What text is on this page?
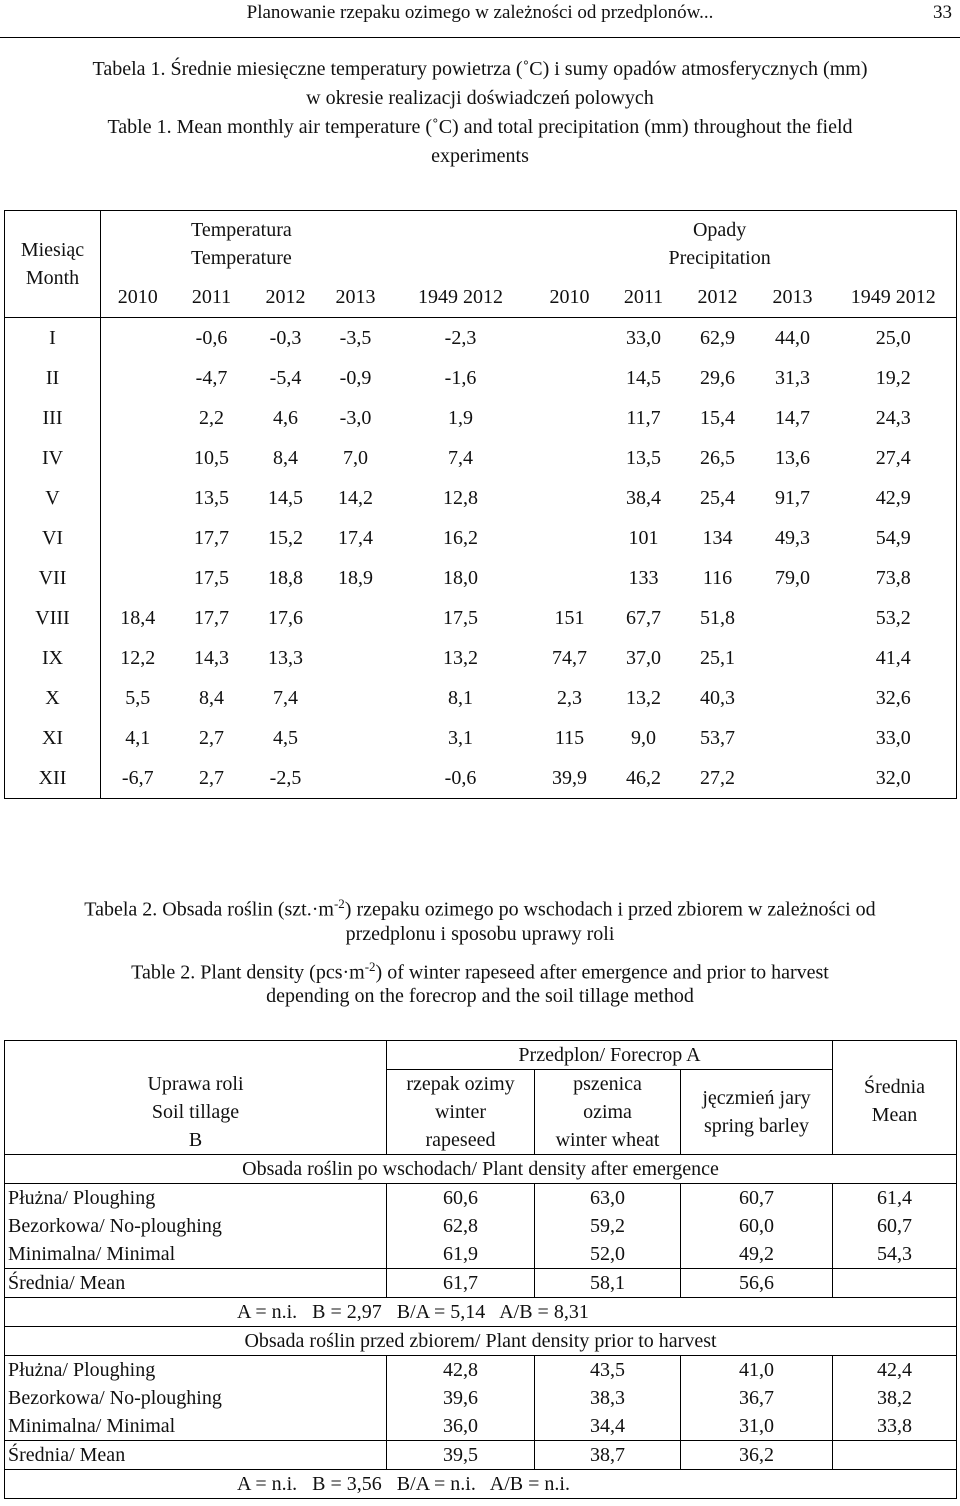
Planowanie rzepaku ozimego w zależności od przedplonów...	33
Tabela 1. Średnie miesięczne temperatury powietrza (˚C) i sumy opadów atmosferycznych (mm)
w okresie realizacji doświadczeń polowych
Table 1. Mean monthly air temperature (˚C) and total precipitation (mm) throughout the field
experiments
Miesiąc
Month	Temperatura
Temperature					Opady
Precipitation				
	2010	2011	2012	2013	1949 2012	2010	2011	2012	2013	1949 2012
I		-0,6	-0,3	-3,5	-2,3		33,0	62,9	44,0	25,0
II		-4,7	-5,4	-0,9	-1,6		14,5	29,6	31,3	19,2
III		2,2	4,6	-3,0	1,9		11,7	15,4	14,7	24,3
IV		10,5	8,4	7,0	7,4		13,5	26,5	13,6	27,4
V		13,5	14,5	14,2	12,8		38,4	25,4	91,7	42,9
VI		17,7	15,2	17,4	16,2		101	134	49,3	54,9
VII		17,5	18,8	18,9	18,0		133	116	79,0	73,8
VIII	18,4	17,7	17,6		17,5	151	67,7	51,8		53,2
IX	12,2	14,3	13,3		13,2	74,7	37,0	25,1		41,4
X	5,5	8,4	7,4		8,1	2,3	13,2	40,3		32,6
XI	4,1	2,7	4,5		3,1	115	9,0	53,7		33,0
XII	-6,7	2,7	-2,5		-0,6	39,9	46,2	27,2		32,0
Tabela 2. Obsada roślin $(szt.\cdot m^{-2})$ rzepaku ozimego po wschodach i przed zbiorem w zależności od
przedplonu i sposobu uprawy roli
Table 2. Plant density $(pcs\cdot m^{-2})$ of winter rapeseed after emergence and prior to harvest
depending on the forecrop and the soil tillage method
Uprawa roli
Soil tillage
B	Przedplon/ Forecrop A			Średnia
Mean
	rzepak ozimy	pszenica	jęczmień jary
spring barley	
	winter	ozima		
	rapeseed	winter wheat		
Obsada roślin po wschodach/ Plant density after emergence				
Płużna/ Ploughing	60,6	63,0	60,7	61,4
Bezorkowa/ No-ploughing	62,8	59,2	60,0	60,7
Minimalna/ Minimal	61,9	52,0	49,2	54,3
Średnia/ Mean	61,7	58,1	56,6	
A = n.i.   B = 2,97   B/A = 5,14   A/B = 8,31				
Obsada roślin przed zbiorem/ Plant density prior to harvest				
Płużna/ Ploughing	42,8	43,5	41,0	42,4
Bezorkowa/ No-ploughing	39,6	38,3	36,7	38,2
Minimalna/ Minimal	36,0	34,4	31,0	33,8
Średnia/ Mean	39,5	38,7	36,2	
A = n.i.   B = 3,56   B/A = n.i.   A/B = n.i.				
